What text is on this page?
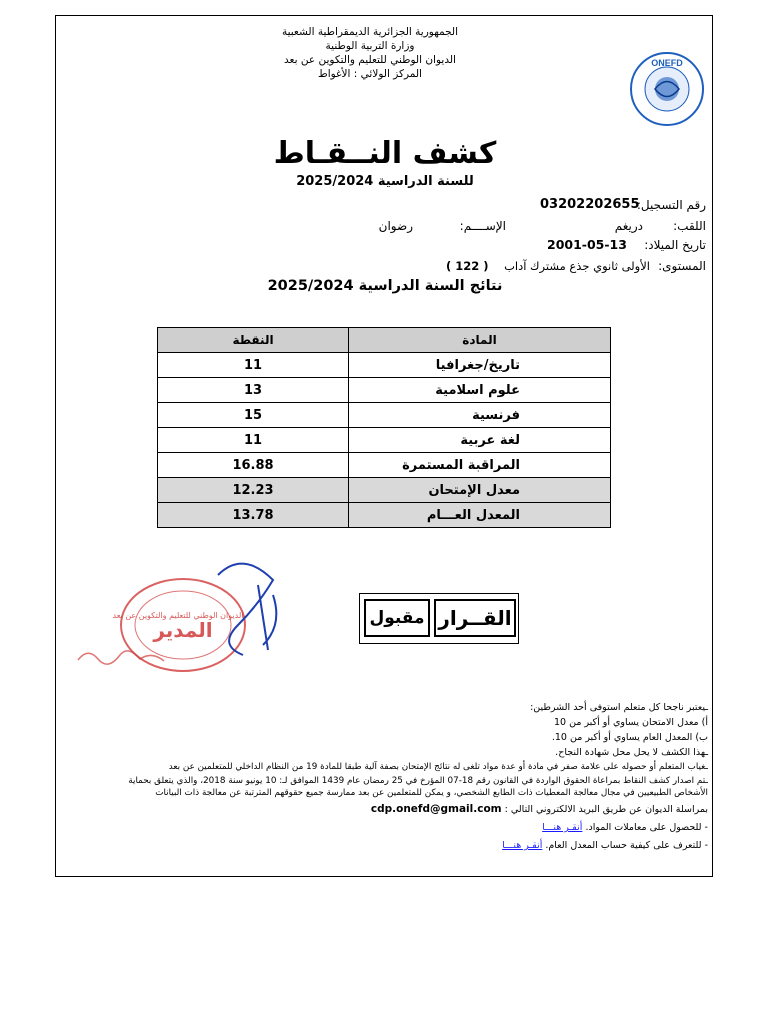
الجمهورية الجزائرية الديمقراطية الشعبية
وزارة التربية الوطنية
الديوان الوطني للتعليم والتكوين عن بعد
المركز الولائي : الأغواط
ONEFD
كشف النــقـاط
للسنة الدراسية 2025/2024
رقم التسجيل:
03202202655
اللقب:
دريغم
الإســــم:
رضوان
تاريخ الميلاد:
2001-05-13
المستوى:
الأولى ثانوي جذع مشترك آداب
( 122 )
نتائج السنة الدراسية 2025/2024
المادة	النقطة
تاريخ/جغرافيا	11
علوم اسلامية	13
فرنسية	15
لغة عربية	11
المراقبة المستمرة	16.88
معدل الإمتحان	12.23
المعدل العـــام	13.78
المدير
الديوان الوطني للتعليم والتكوين عن بعد	مقبول القــرار

ـيعتبر ناجحا كل متعلم استوفى أحد الشرطين:

أ) معدل الامتحان يساوي أو أكبر من 10

ب) المعدل العام يساوي أو أكبر من 10.

ـهذا الكشف لا يحل محل شهادة النجاح.

ـغياب المتعلم أو حصوله على علامة صفر في مادة أو عدة مواد تلغى له نتائج الإمتحان بصفة آلية طبقا للمادة 19 من النظام الداخلي للمتعلمين عن بعد

ـتم اصدار كشف النقاط بمراعاة الحقوق الواردة في القانون رقم 18-07 المؤرخ في 25 رمضان عام 1439 الموافق لـ: 10 يونيو سنة 2018، والذي يتعلق بحماية الأشخاص الطبيعيين في مجال معالجة المعطيات ذات الطابع الشخصي، و يمكن للمتعلمين عن بعد ممارسة جميع حقوقهم المترتبة عن معالجة ذات البيانات

بمراسلة الديوان عن طريق البريد الالكتروني التالي : cdp.onefd@gmail.com

- للحصول على معاملات المواد. أنقـر هنـــا

- للتعرف على كيفية حساب المعدل العام. أنقـر هنـــا
